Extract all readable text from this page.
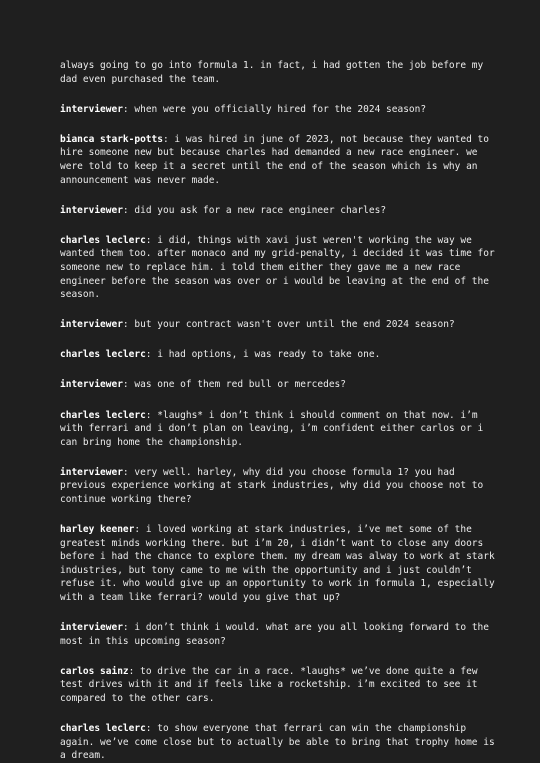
always going to go into formula 1. in fact, i had gotten the job before my dad even purchased the team.

interviewer: when were you officially hired for the 2024 season?

bianca stark-potts: i was hired in june of 2023, not because they wanted to hire someone new but because charles had demanded a new race engineer. we were told to keep it a secret until the end of the season which is why an announcement was never made.

interviewer: did you ask for a new race engineer charles?

charles leclerc: i did, things with xavi just weren't working the way we wanted them too. after monaco and my grid-penalty, i decided it was time for someone new to replace him. i told them either they gave me a new race engineer before the season was over or i would be leaving at the end of the season.

interviewer: but your contract wasn't over until the end 2024 season?

charles leclerc: i had options, i was ready to take one.

interviewer: was one of them red bull or mercedes?

charles leclerc: *laughs* i don’t think i should comment on that now. i’m with ferrari and i don’t plan on leaving, i’m confident either carlos or i can bring home the championship.

interviewer: very well. harley, why did you choose formula 1? you had previous experience working at stark industries, why did you choose not to continue working there?

harley keener: i loved working at stark industries, i’ve met some of the greatest minds working there. but i’m 20, i didn’t want to close any doors before i had the chance to explore them. my dream was alway to work at stark industries, but tony came to me with the opportunity and i just couldn’t refuse it. who would give up an opportunity to work in formula 1, especially with a team like ferrari? would you give that up?

interviewer: i don’t think i would. what are you all looking forward to the most in this upcoming season?

carlos sainz: to drive the car in a race. *laughs* we’ve done quite a few test drives with it and if feels like a rocketship. i’m excited to see it compared to the other cars.

charles leclerc: to show everyone that ferrari can win the championship again. we’ve come close but to actually be able to bring that trophy home is a dream.
